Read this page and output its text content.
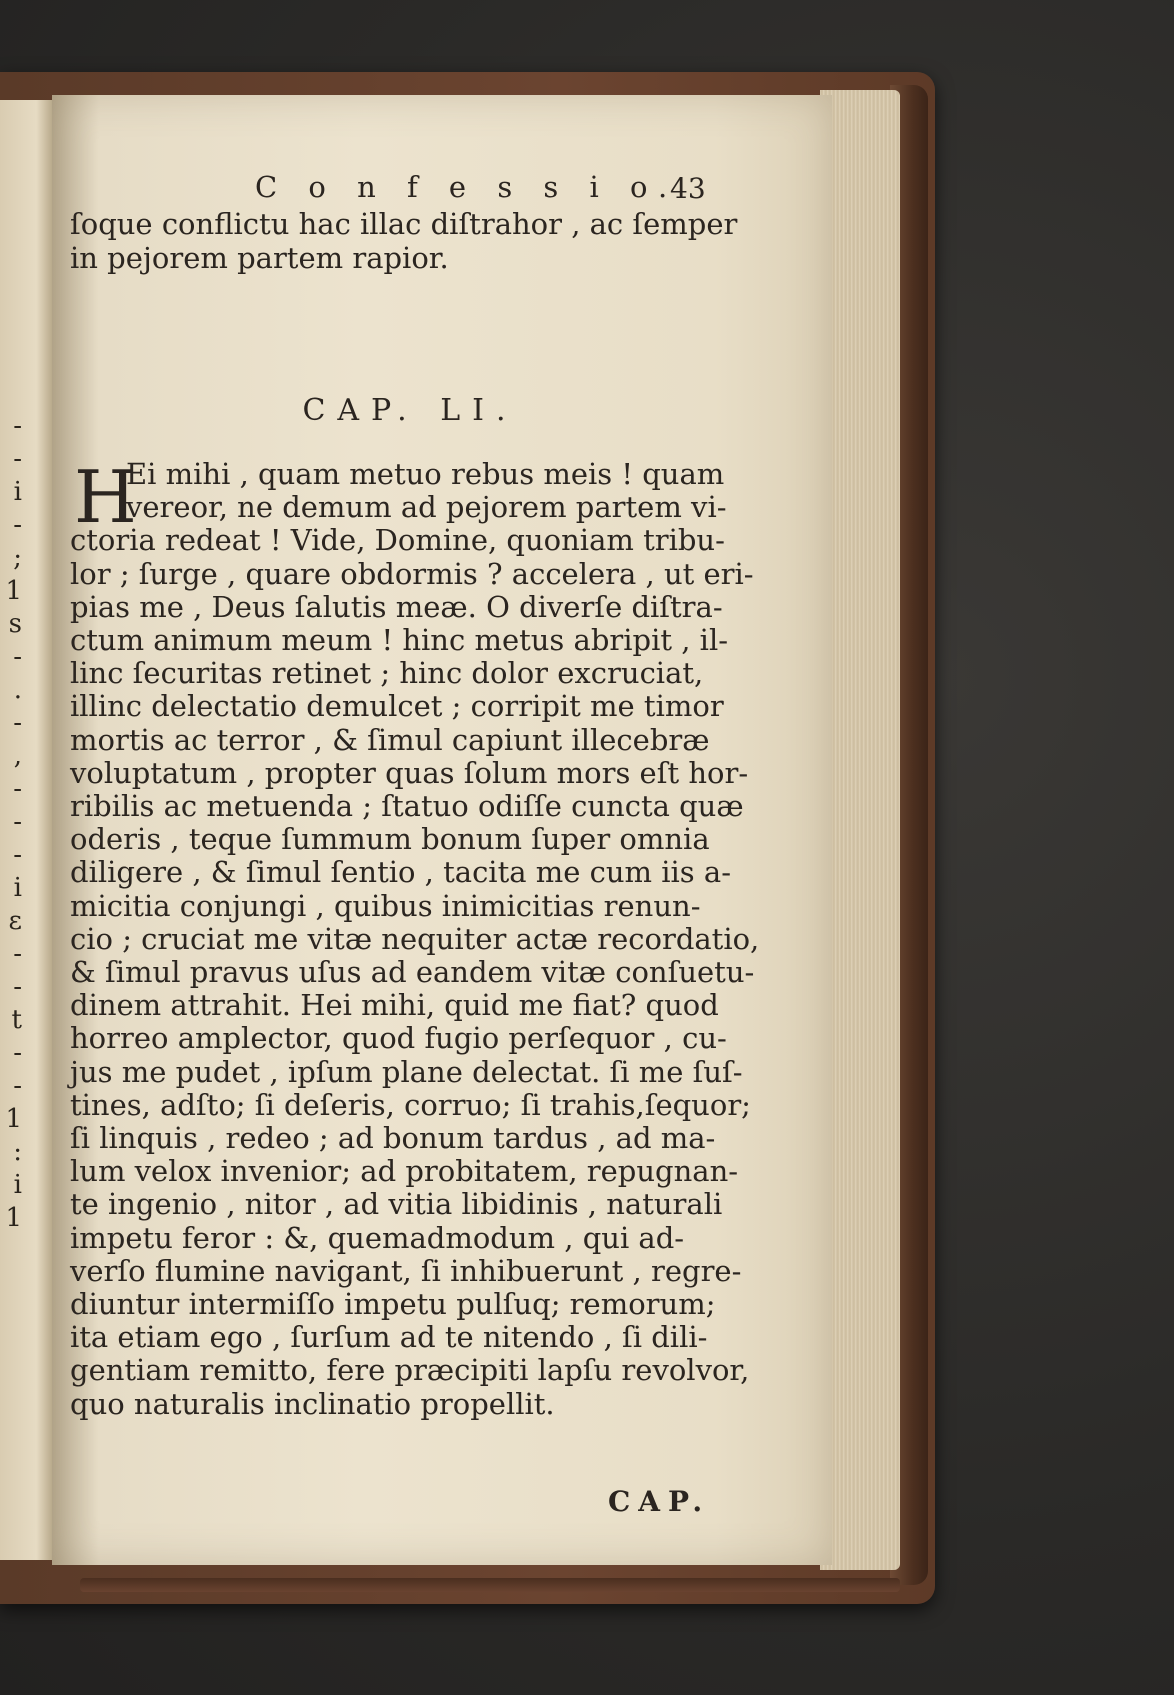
-
-
i
-
;
1
s
-
.
-
,
-
-
-
i
ε
-
-
t
-
-
1
:
i
1
C o n f e s s i o.
43
ſoque conflictu hac illac diſtrahor , ac ſemper
in pejorem partem rapior.
CAP. LI.
H
Ei mihi , quam metuo rebus meis ! quam
vereor, ne demum ad pejorem partem vi-
ctoria redeat ! Vide, Domine, quoniam tribu-
lor ; ſurge , quare obdormis ? accelera , ut eri-
pias me , Deus ſalutis meæ. O diverſe diſtra-
ctum animum meum ! hinc metus abripit , il-
linc ſecuritas retinet ; hinc dolor excruciat,
illinc delectatio demulcet ; corripit me timor
mortis ac terror , & ſimul capiunt illecebræ
voluptatum , propter quas ſolum mors eſt hor-
ribilis ac metuenda ; ſtatuo odiſſe cuncta quæ
oderis , teque ſummum bonum ſuper omnia
diligere , & ſimul ſentio , tacita me cum iis a-
micitia conjungi , quibus inimicitias renun-
cio ; cruciat me vitæ nequiter actæ recordatio,
& ſimul pravus uſus ad eandem vitæ conſuetu-
dinem attrahit. Hei mihi, quid me fiat? quod
horreo amplector, quod fugio perſequor , cu-
jus me pudet , ipſum plane delectat. ſi me ſuſ-
tines, adſto; ſi deſeris, corruo; ſi trahis,ſequor;
ſi linquis , redeo ; ad bonum tardus , ad ma-
lum velox invenior; ad probitatem, repugnan-
te ingenio , nitor , ad vitia libidinis , naturali
impetu feror : &, quemadmodum , qui ad-
verſo flumine navigant, ſi inhibuerunt , regre-
diuntur intermiſſo impetu pulſuq; remorum;
ita etiam ego , ſurſum ad te nitendo , ſi dili-
gentiam remitto, fere præcipiti lapſu revolvor,
quo naturalis inclinatio propellit.
CAP.
